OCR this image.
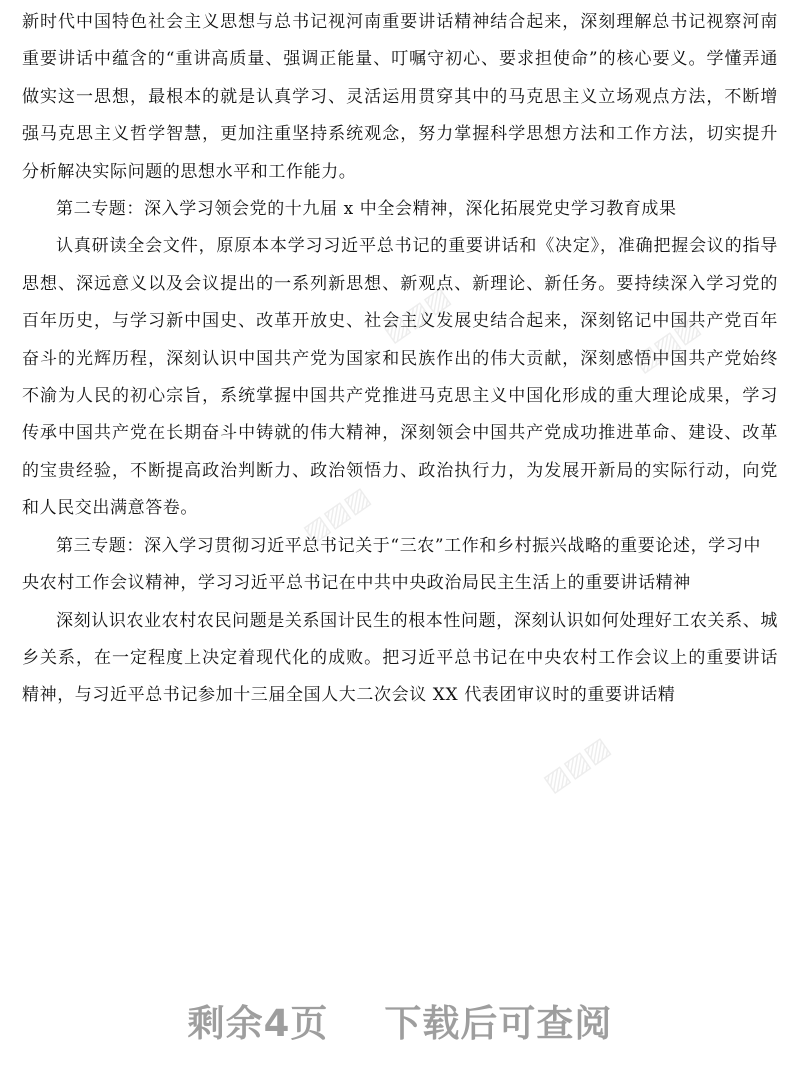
▨▨▨	▨▨▨
▨▨▨
▨▨▨

新时代中国特色社会主义思想与总书记视河南重要讲话精神结合起来，深刻理解总书记视察河南重要讲话中蕴含的“重讲高质量、强调正能量、叮嘱守初心、要求担使命”的核心要义。学懂弄通做实这一思想，最根本的就是认真学习、灵活运用贯穿其中的马克思主义立场观点方法，不断增强马克思主义哲学智慧，更加注重坚持系统观念，努力掌握科学思想方法和工作方法，切实提升分析解决实际问题的思想水平和工作能力。

第二专题：深入学习领会党的十九届 x 中全会精神，深化拓展党史学习教育成果

认真研读全会文件，原原本本学习习近平总书记的重要讲话和《决定》，准确把握会议的指导思想、深远意义以及会议提出的一系列新思想、新观点、新理论、新任务。要持续深入学习党的百年历史，与学习新中国史、改革开放史、社会主义发展史结合起来，深刻铭记中国共产党百年奋斗的光辉历程，深刻认识中国共产党为国家和民族作出的伟大贡献，深刻感悟中国共产党始终不渝为人民的初心宗旨，系统掌握中国共产党推进马克思主义中国化形成的重大理论成果，学习传承中国共产党在长期奋斗中铸就的伟大精神，深刻领会中国共产党成功推进革命、建设、改革的宝贵经验，不断提高政治判断力、政治领悟力、政治执行力，为发展开新局的实际行动，向党和人民交出满意答卷。

第三专题：深入学习贯彻习近平总书记关于“三农”工作和乡村振兴战略的重要论述，学习中央农村工作会议精神，学习习近平总书记在中共中央政治局民主生活上的重要讲话精神

深刻认识农业农村农民问题是关系国计民生的根本性问题，深刻认识如何处理好工农关系、城乡关系，在一定程度上决定着现代化的成败。把习近平总书记在中央农村工作会议上的重要讲话精神，与习近平总书记参加十三届全国人大二次会议 XX 代表团审议时的重要讲话精

剩余4页 下载后可查阅
